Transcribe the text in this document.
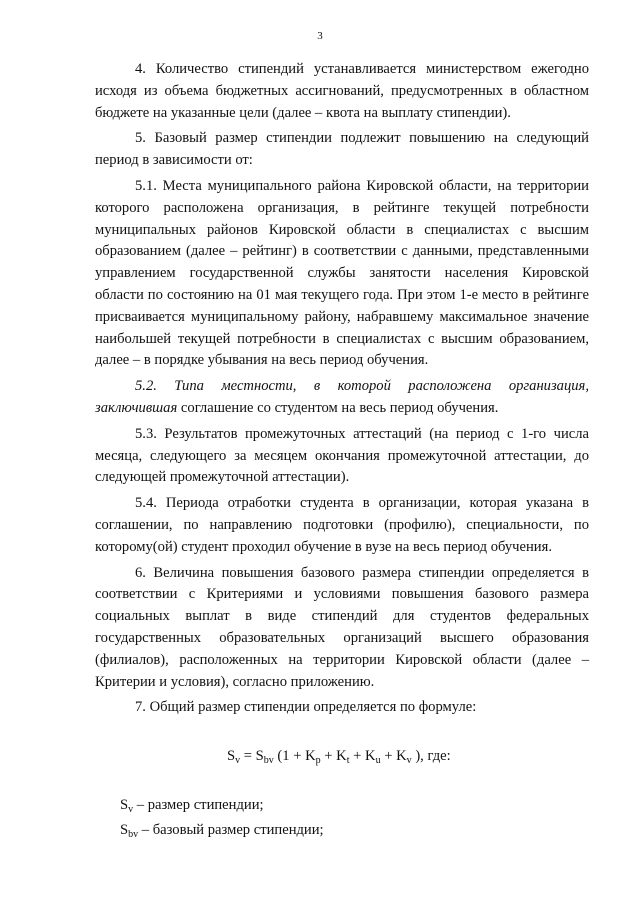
3

4. Количество стипендий устанавливается министерством ежегодно исходя из объема бюджетных ассигнований, предусмотренных в областном бюджете на указанные цели (далее – квота на выплату стипендии).

5. Базовый размер стипендии подлежит повышению на следующий период в зависимости от:

5.1. Места муниципального района Кировской области, на территории которого расположена организация, в рейтинге текущей потребности муниципальных районов Кировской области в специалистах с высшим образованием (далее – рейтинг) в соответствии с данными, представленными управлением государственной службы занятости населения Кировской области по состоянию на 01 мая текущего года. При этом 1-е место в рейтинге присваивается муниципальному району, набравшему максимальное значение наибольшей текущей потребности в специалистах с высшим образованием, далее – в порядке убывания на весь период обучения.

5.2. Типа местности, в которой расположена организация, заключившая соглашение со студентом на весь период обучения.

5.3. Результатов промежуточных аттестаций (на период с 1-го числа месяца, следующего за месяцем окончания промежуточной аттестации, до следующей промежуточной аттестации).

5.4. Периода отработки студента в организации, которая указана в соглашении, по направлению подготовки (профилю), специальности, по которому(ой) студент проходил обучение в вузе на весь период обучения.

6. Величина повышения базового размера стипендии определяется в соответствии с Критериями и условиями повышения базового размера социальных выплат в виде стипендий для студентов федеральных государственных образовательных организаций высшего образования (филиалов), расположенных на территории Кировской области (далее – Критерии и условия), согласно приложению.

7. Общий размер стипендии определяется по формуле:

$S_v = S_{bv}$ ($1 + K_p + K_t + K_u + K_v$ ), где:
$S_v$ – размер стипендии;
$S_{bv}$ – базовый размер стипендии;
